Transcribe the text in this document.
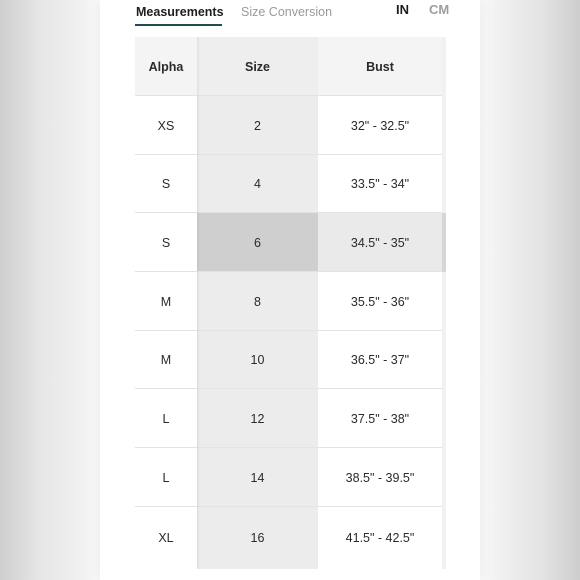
Measurements Size Conversion	IN CM
Alpha	Size	Bust
XS	2	32" - 32.5"
S	4	33.5" - 34"
S	6	34.5" - 35"
M	8	35.5" - 36"
M	10	36.5" - 37"
L	12	37.5" - 38"
L	14	38.5" - 39.5"
XL	16	41.5" - 42.5"
